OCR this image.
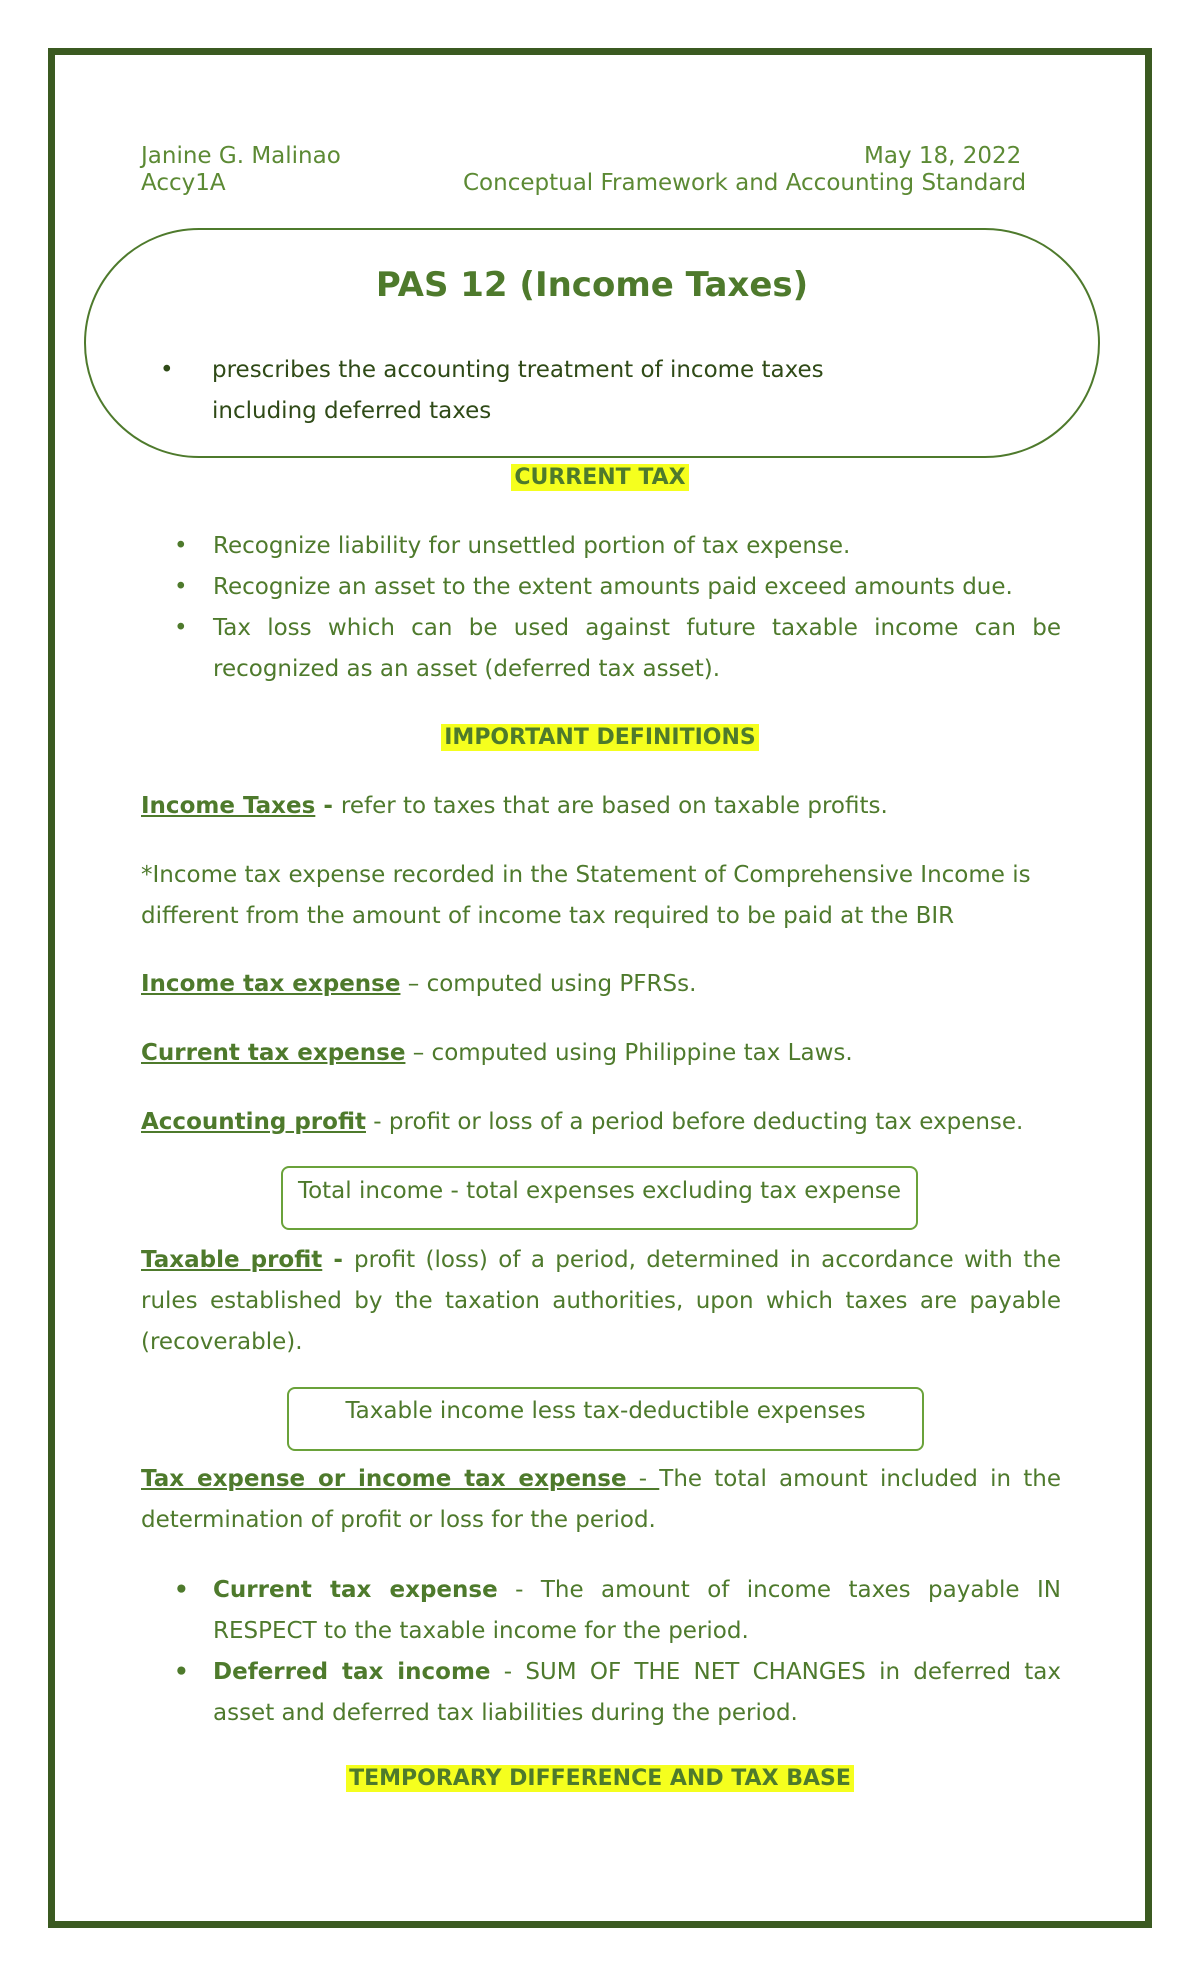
Janine G. Malinao	May 18, 2022
Accy1A	Conceptual Framework and Accounting Standard
PAS 12 (Income Taxes)
•	prescribes the accounting treatment of income taxes including deferred taxes
CURRENT TAX
• Recognize liability for unsettled portion of tax expense.
• Recognize an asset to the extent amounts paid exceed amounts due.
• Tax loss which can be used against future taxable income can be recognized as an asset (deferred tax asset).
IMPORTANT DEFINITIONS
Income Taxes - refer to taxes that are based on taxable profits.
*Income tax expense recorded in the Statement of Comprehensive Income is different from the amount of income tax required to be paid at the BIR
Income tax expense – computed using PFRSs.
Current tax expense – computed using Philippine tax Laws.
Accounting profit - profit or loss of a period before deducting tax expense.
Total income - total expenses excluding tax expense
Taxable profit - profit (loss) of a period, determined in accordance with the rules established by the taxation authorities, upon which taxes are payable (recoverable).
Taxable income less tax-deductible expenses
Tax expense or income tax expense - The total amount included in the determination of profit or loss for the period.
• Current tax expense - The amount of income taxes payable IN RESPECT to the taxable income for the period.
• Deferred tax income - SUM OF THE NET CHANGES in deferred tax asset and deferred tax liabilities during the period.
TEMPORARY DIFFERENCE AND TAX BASE
